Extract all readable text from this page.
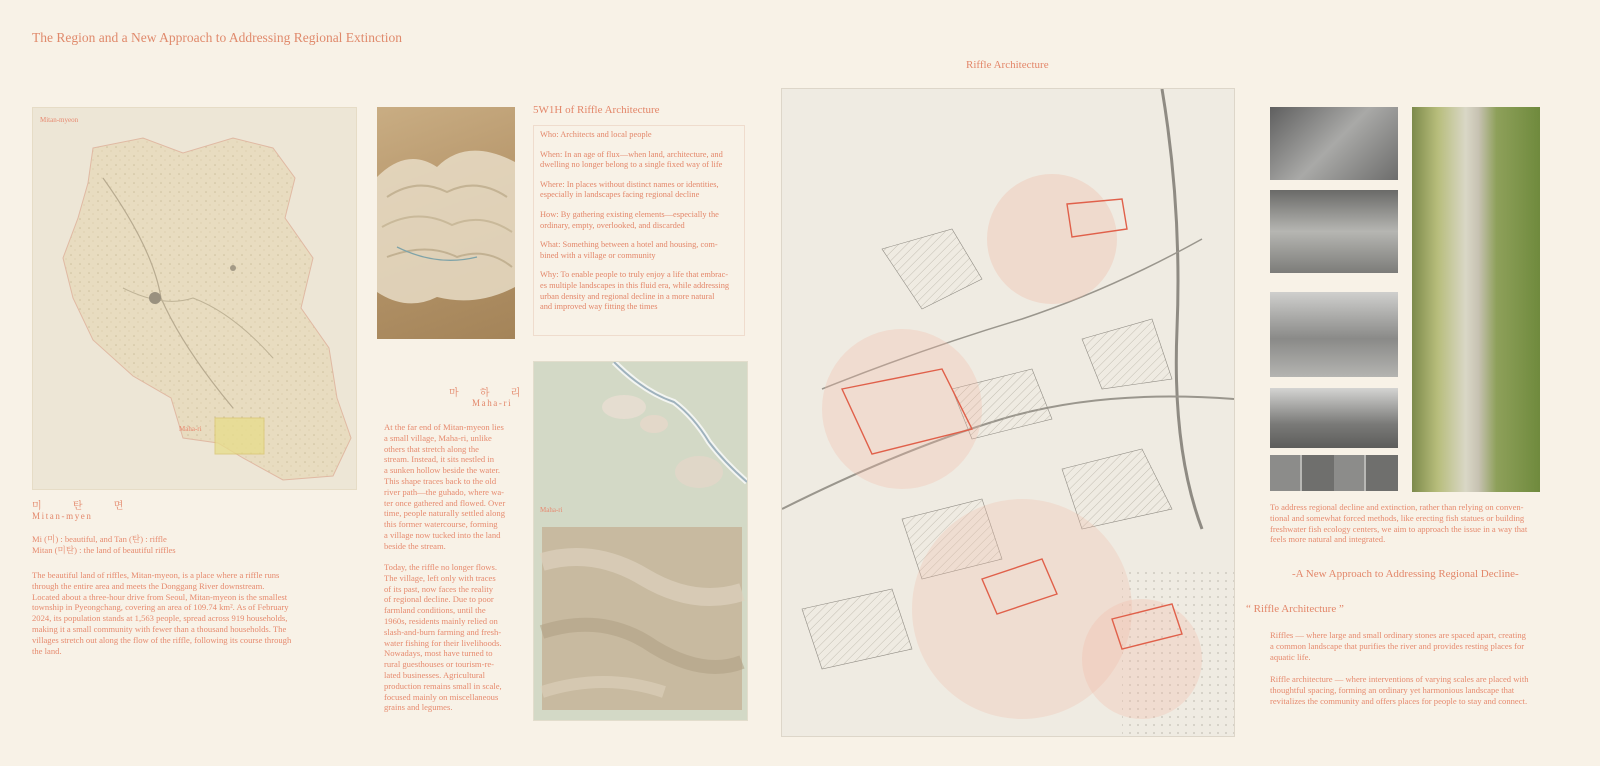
The Region and a New Approach to Addressing Regional Extinction
Mitan-myeon
Maha-ri
미 탄 면
Mitan-myen
Mi (미) : beautiful, and Tan (탄) : riffle
Mitan (미탄) : the land of beautiful riffles
The beautiful land of riffles, Mitan-myeon, is a place where a riffle runs
through the entire area and meets the Donggang River downstream.
Located about a three-hour drive from Seoul, Mitan-myeon is the smallest
township in Pyeongchang, covering an area of 109.74 km². As of February
2024, its population stands at 1,563 people, spread across 919 households,
making it a small community with fewer than a thousand households. The
villages stretch out along the flow of the riffle, following its course through
the land.
마 하 리
Maha-ri
At the far end of Mitan-myeon lies
a small village, Maha-ri, unlike
others that stretch along the
stream. Instead, it sits nestled in
a sunken hollow beside the water.
This shape traces back to the old
river path—the guhado, where wa-
ter once gathered and flowed. Over
time, people naturally settled along
this former watercourse, forming
a village now tucked into the land
beside the stream.
Today, the riffle no longer flows.
The village, left only with traces
of its past, now faces the reality
of regional decline. Due to poor
farmland conditions, until the
1960s, residents mainly relied on
slash-and-burn farming and fresh-
water fishing for their livelihoods.
Nowadays, most have turned to
rural guesthouses or tourism-re-
lated businesses. Agricultural
production remains small in scale,
focused mainly on miscellaneous
grains and legumes.
5W1H of Riffle Architecture

Who: Architects and local people

When: In an age of flux—when land, architecture, and
dwelling no longer belong to a single fixed way of life

Where: In places without distinct names or identities,
especially in landscapes facing regional decline

How: By gathering existing elements—especially the
ordinary, empty, overlooked, and discarded

What: Something between a hotel and housing, com-
bined with a village or community

Why: To enable people to truly enjoy a life that embrac-
es multiple landscapes in this fluid era, while addressing
urban density and regional decline in a more natural
and improved way fitting the times

Maha-ri
Riffle Architecture
To address regional decline and extinction, rather than relying on conven-
tional and somewhat forced methods, like erecting fish statues or building
freshwater fish ecology centers, we aim to approach the issue in a way that
feels more natural and integrated.
-A New Approach to Addressing Regional Decline-
“ Riffle Architecture ”
Riffles — where large and small ordinary stones are spaced apart, creating
a common landscape that purifies the river and provides resting places for
aquatic life.
Riffle architecture — where interventions of varying scales are placed with
thoughtful spacing, forming an ordinary yet harmonious landscape that
revitalizes the community and offers places for people to stay and connect.
